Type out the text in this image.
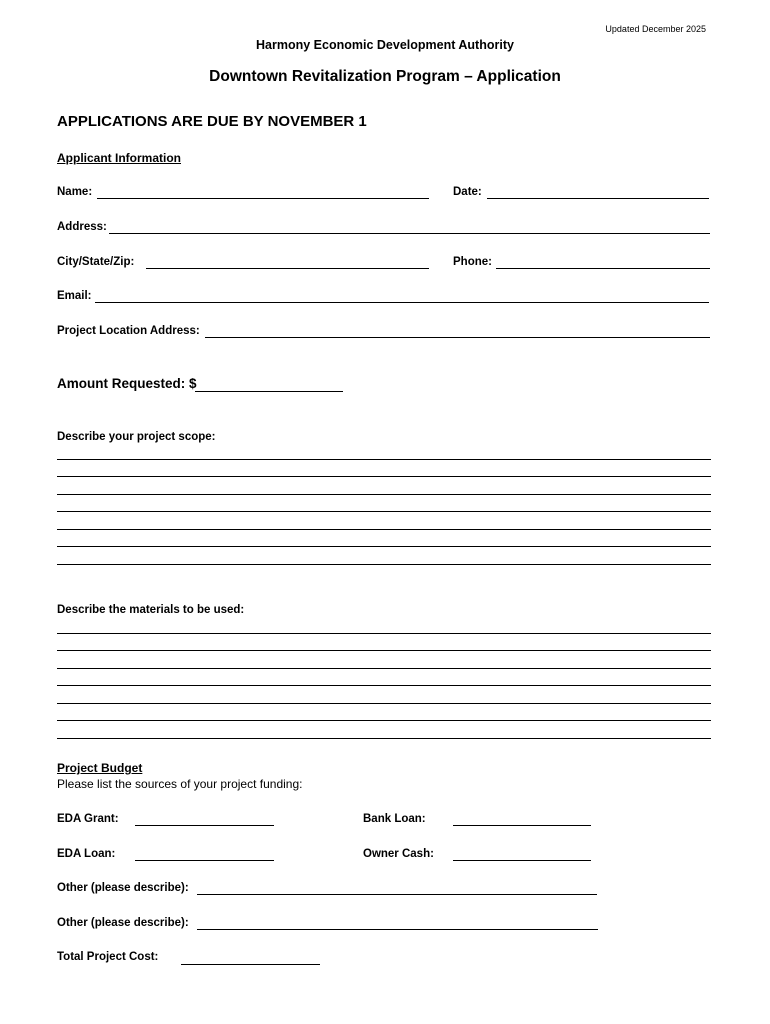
Updated December 2025
Harmony Economic Development Authority
Downtown Revitalization Program – Application
APPLICATIONS ARE DUE BY NOVEMBER 1
Applicant Information
Name:	Date:
Address:
City/State/Zip:	Phone:
Email:
Project Location Address:
Amount Requested: $
Describe your project scope:
Describe the materials to be used:
Project Budget
Please list the sources of your project funding:
EDA Grant:	Bank Loan:
EDA Loan:	Owner Cash:
Other (please describe):
Other (please describe):
Total Project Cost:
